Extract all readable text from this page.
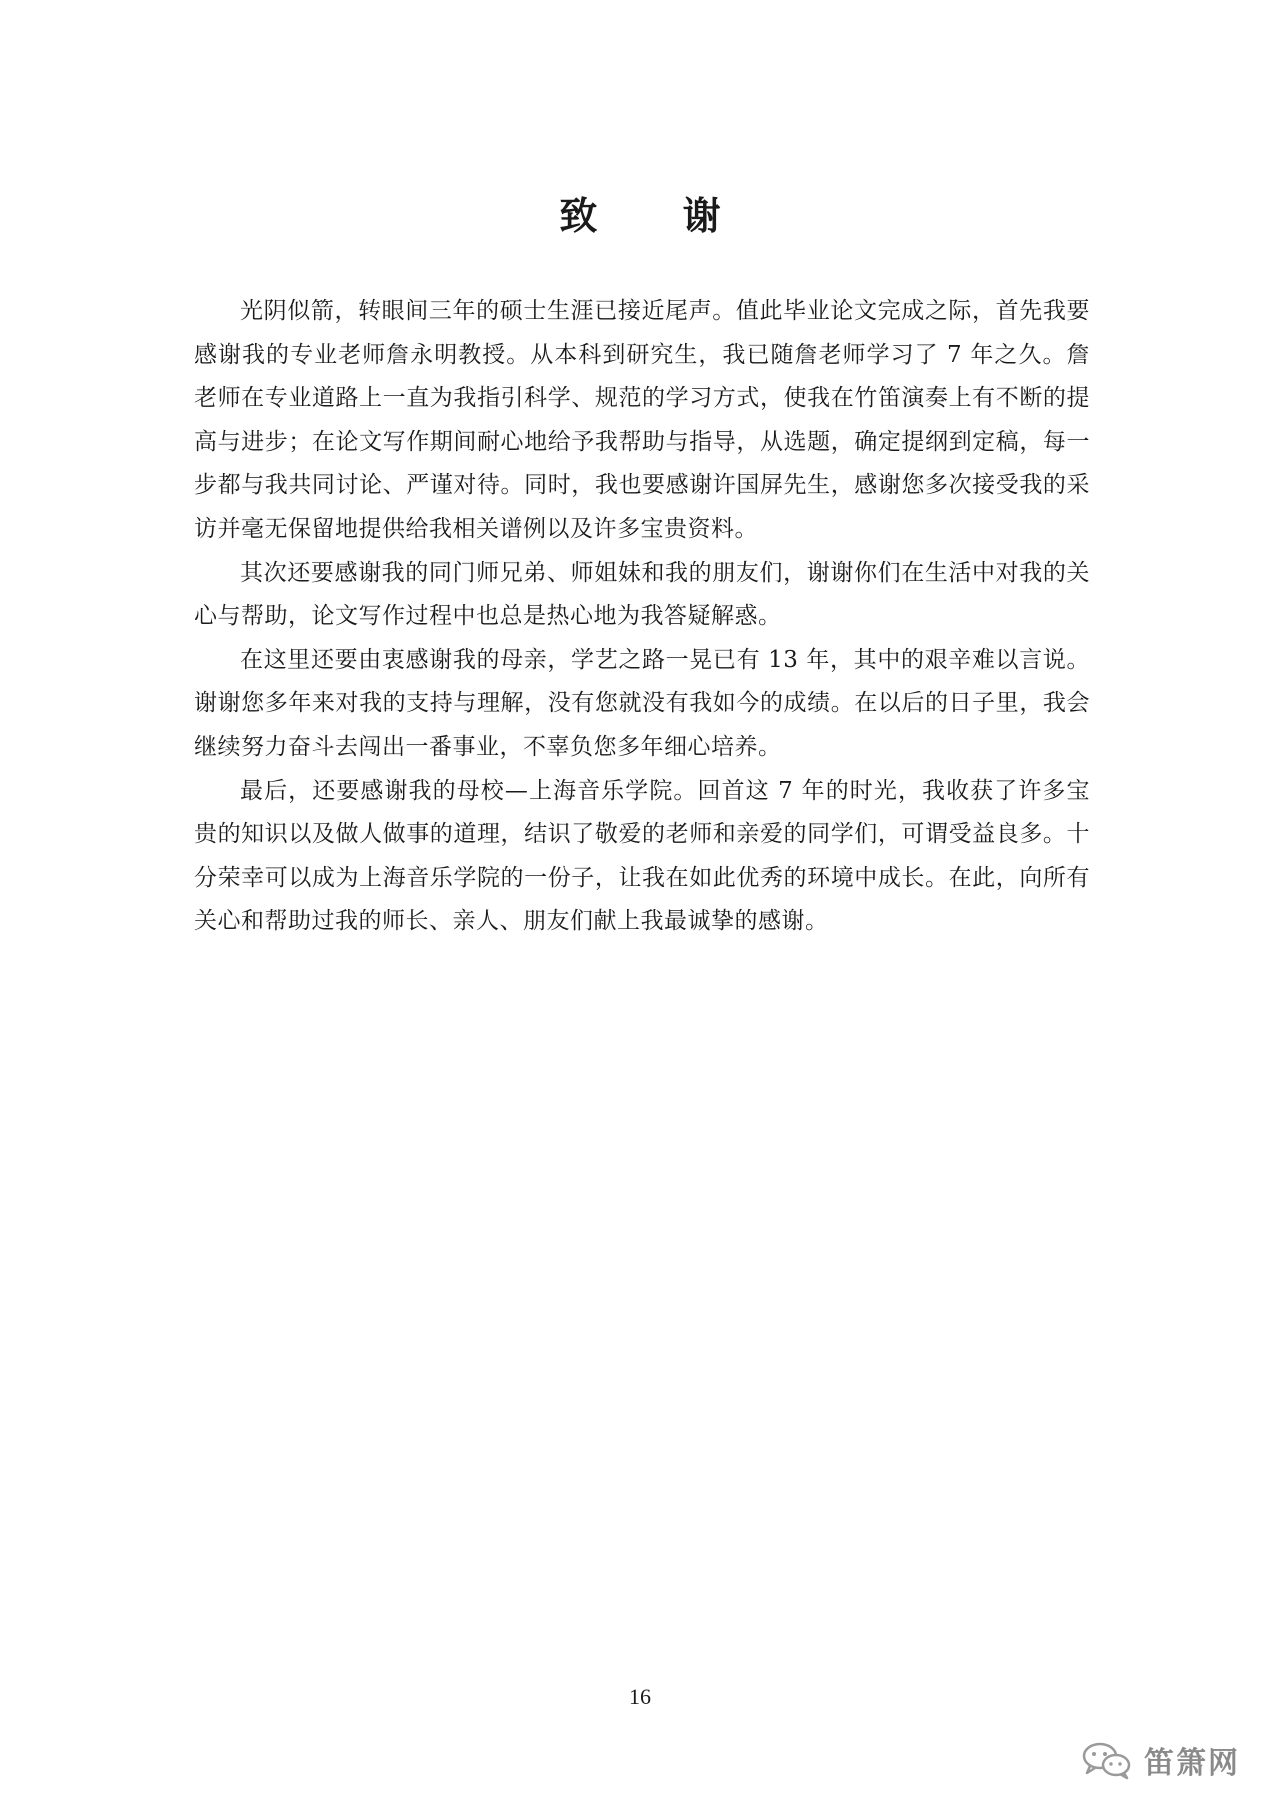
致 谢

光阴似箭，转眼间三年的硕士生涯已接近尾声。值此毕业论文完成之际，首先我要感谢我的专业老师詹永明教授。从本科到研究生，我已随詹老师学习了 7 年之久。詹老师在专业道路上一直为我指引科学、规范的学习方式，使我在竹笛演奏上有不断的提高与进步；在论文写作期间耐心地给予我帮助与指导，从选题，确定提纲到定稿，每一步都与我共同讨论、严谨对待。同时，我也要感谢许国屏先生，感谢您多次接受我的采访并毫无保留地提供给我相关谱例以及许多宝贵资料。

其次还要感谢我的同门师兄弟、师姐妹和我的朋友们，谢谢你们在生活中对我的关心与帮助，论文写作过程中也总是热心地为我答疑解惑。

在这里还要由衷感谢我的母亲，学艺之路一晃已有 13 年，其中的艰辛难以言说。谢谢您多年来对我的支持与理解，没有您就没有我如今的成绩。在以后的日子里，我会继续努力奋斗去闯出一番事业，不辜负您多年细心培养。

最后，还要感谢我的母校—上海音乐学院。回首这 7 年的时光，我收获了许多宝贵的知识以及做人做事的道理，结识了敬爱的老师和亲爱的同学们，可谓受益良多。十分荣幸可以成为上海音乐学院的一份子，让我在如此优秀的环境中成长。在此，向所有关心和帮助过我的师长、亲人、朋友们献上我最诚挚的感谢。

16
笛箫网
